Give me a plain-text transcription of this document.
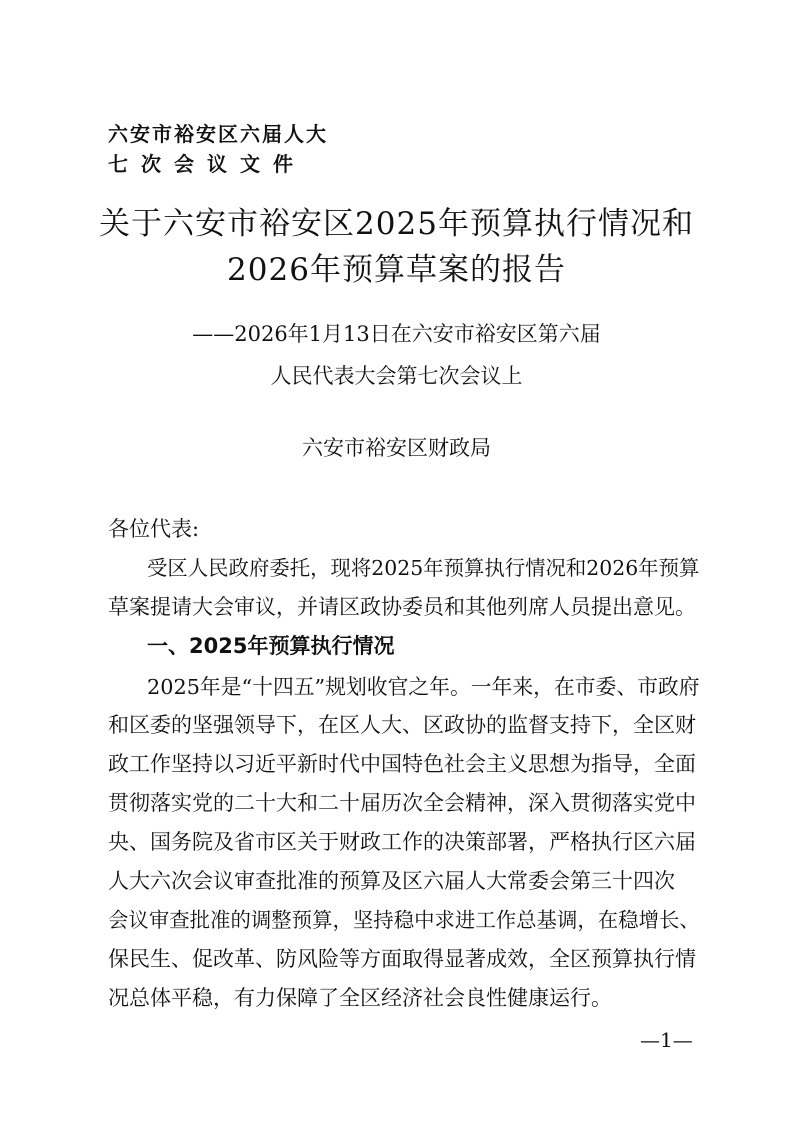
六安市裕安区六届人大
七次会议文件
关于六安市裕安区2025年预算执行情况和
2026年预算草案的报告
——2026年1月13日在六安市裕安区第六届
人民代表大会第七次会议上
六安市裕安区财政局
各位代表:
受区人民政府委托，现将2025年预算执行情况和2026年预算
草案提请大会审议，并请区政协委员和其他列席人员提出意见。
一、2025年预算执行情况
2025年是“十四五”规划收官之年。一年来，在市委、市政府
和区委的坚强领导下，在区人大、区政协的监督支持下，全区财
政工作坚持以习近平新时代中国特色社会主义思想为指导，全面
贯彻落实党的二十大和二十届历次全会精神，深入贯彻落实党中
央、国务院及省市区关于财政工作的决策部署，严格执行区六届
人大六次会议审查批准的预算及区六届人大常委会第三十四次
会议审查批准的调整预算，坚持稳中求进工作总基调，在稳增长、
保民生、促改革、防风险等方面取得显著成效，全区预算执行情
况总体平稳，有力保障了全区经济社会良性健康运行。
—1—
